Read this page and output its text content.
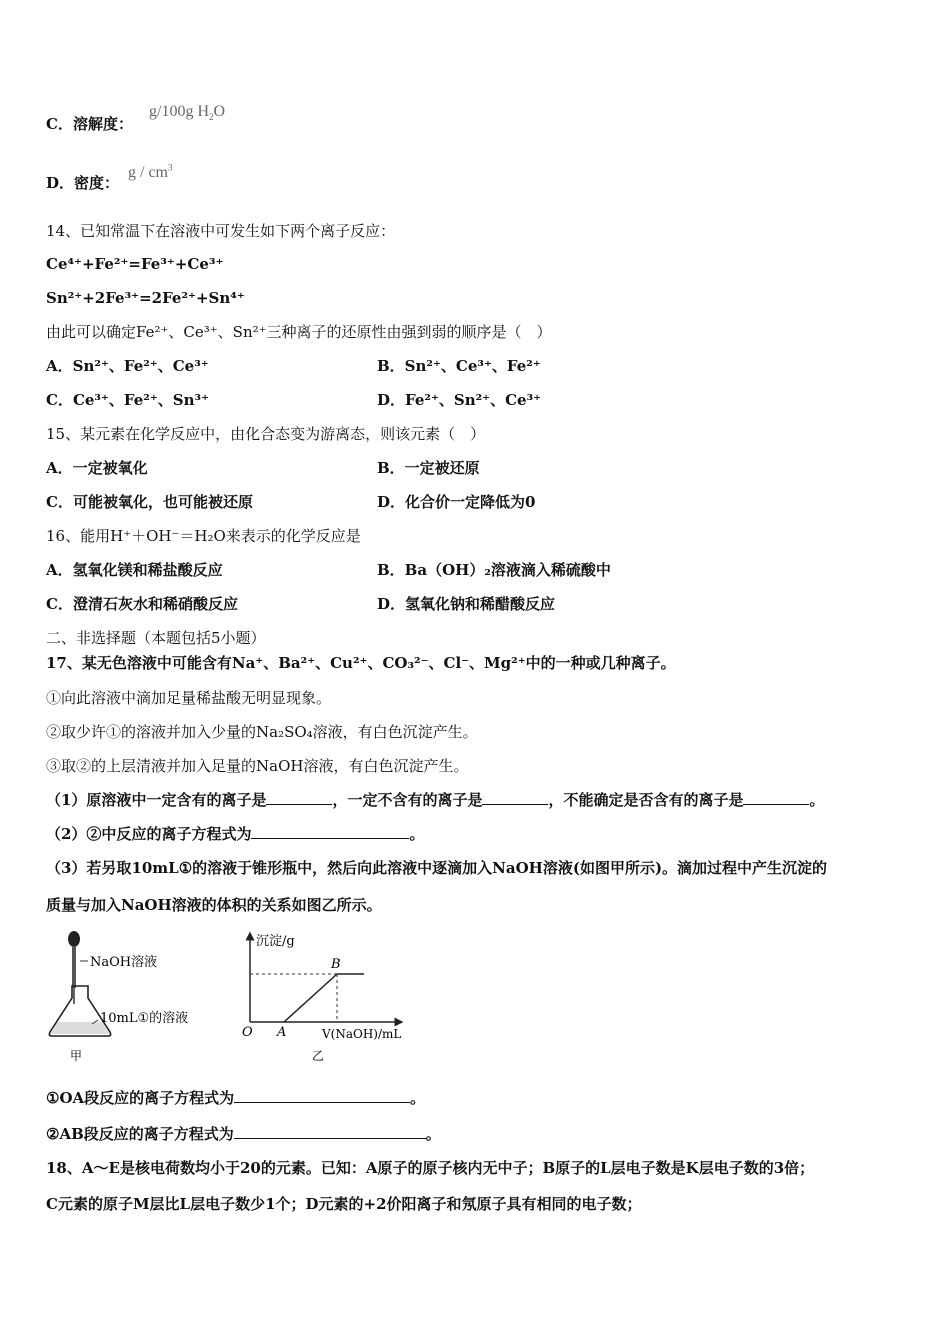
C．溶解度：
g/100g $H_2O$
D．密度：
g / $cm^3$
14、已知常温下在溶液中可发生如下两个离子反应：
Ce⁴⁺+Fe²⁺=Fe³⁺+Ce³⁺
Sn²⁺+2Fe³⁺=2Fe²⁺+Sn⁴⁺
由此可以确定Fe²⁺、Ce³⁺、Sn²⁺三种离子的还原性由强到弱的顺序是（　）
A．Sn²⁺、Fe²⁺、Ce³⁺	B．Sn²⁺、Ce³⁺、Fe²⁺
C．Ce³⁺、Fe²⁺、Sn³⁺	D．Fe²⁺、Sn²⁺、Ce³⁺
15、某元素在化学反应中，由化合态变为游离态，则该元素（　）
A．一定被氧化	B．一定被还原
C．可能被氧化，也可能被还原	D．化合价一定降低为0
16、能用H⁺＋OH⁻＝H₂O来表示的化学反应是
A．氢氧化镁和稀盐酸反应	B．Ba（OH）₂溶液滴入稀硫酸中
C．澄清石灰水和稀硝酸反应	D．氢氧化钠和稀醋酸反应
二、非选择题（本题包括5小题）
17、某无色溶液中可能含有Na⁺、Ba²⁺、Cu²⁺、CO₃²⁻、Cl⁻、Mg²⁺中的一种或几种离子。
①向此溶液中滴加足量稀盐酸无明显现象。
②取少许①的溶液并加入少量的Na₂SO₄溶液，有白色沉淀产生。
③取②的上层清液并加入足量的NaOH溶液，有白色沉淀产生。
（1）原溶液中一定含有的离子是	，一定不含有的离子是	，不能确定是否含有的离子是	。
（2）②中反应的离子方程式为	。
（3）若另取10mL①的溶液于锥形瓶中，然后向此溶液中逐滴加入NaOH溶液(如图甲所示)。滴加过程中产生沉淀的
质量与加入NaOH溶液的体积的关系如图乙所示。
NaOH溶液
10mL①的溶液
甲
沉淀/g
B
O A	V(NaOH)/mL
乙
①OA段反应的离子方程式为	。
②AB段反应的离子方程式为	。
18、A～E是核电荷数均小于20的元素。已知：A原子的原子核内无中子；B原子的L层电子数是K层电子数的3倍；
C元素的原子M层比L层电子数少1个；D元素的+2价阳离子和氖原子具有相同的电子数；
